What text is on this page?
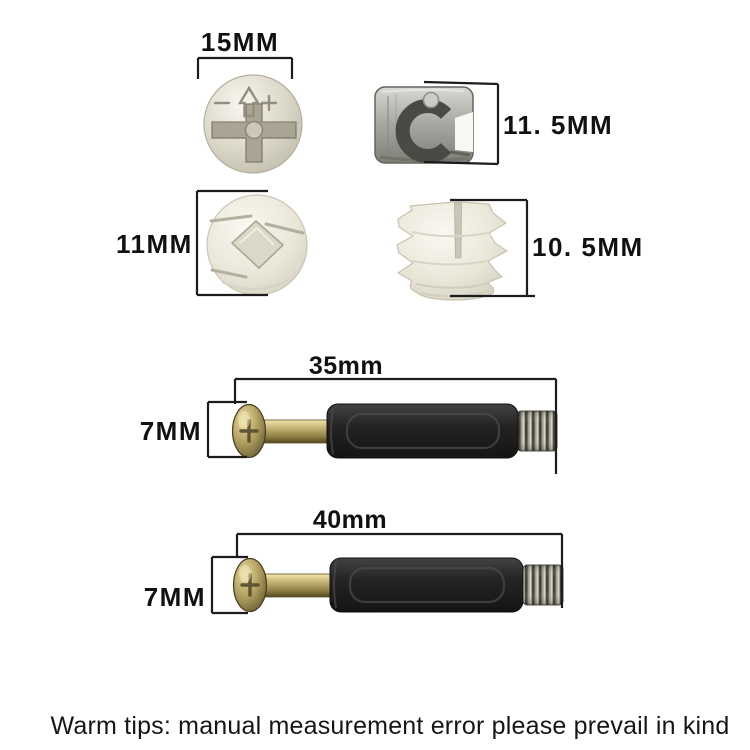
15MM
11. 5MM
11MM	10. 5MM
35mm
7MM
40mm
7MM
Warm tips: manual measurement error please prevail in kind
